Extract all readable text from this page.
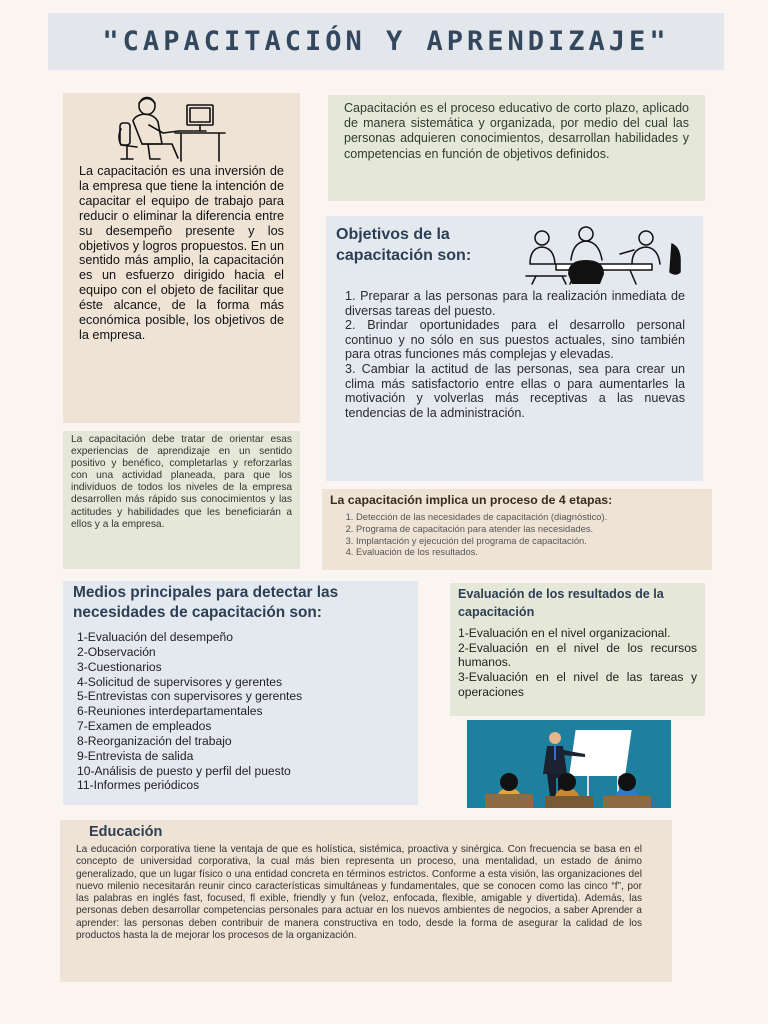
"CAPACITACIÓN Y APRENDIZAJE"
La capacitación es una inversión de la empresa que tiene la intención de capacitar el equipo de trabajo para reducir o eliminar la diferencia entre su desempeño presente y los objetivos y logros propuestos. En un sentido más amplio, la capacitación es un esfuerzo dirigido hacia el equipo con el objeto de facilitar que éste alcance, de la forma más económica posible, los objetivos de la empresa.
Capacitación es el proceso educativo de corto plazo, aplicado de manera sistemática y organizada, por medio del cual las personas adquieren conocimientos, desarrollan habilidades y competencias en función de objetivos definidos.
Objetivos de la capacitación son:

1. Preparar a las personas para la realización inmediata de diversas tareas del puesto.

2. Brindar oportunidades para el desarrollo personal continuo y no sólo en sus puestos actuales, sino también para otras funciones más complejas y elevadas.

3. Cambiar la actitud de las personas, sea para crear un clima más satisfactorio entre ellas o para aumentarles la motivación y volverlas más receptivas a las nuevas tendencias de la administración.

La capacitación debe tratar de orientar esas experiencias de aprendizaje en un sentido positivo y benéfico, completarlas y reforzarlas con una actividad planeada, para que los individuos de todos los niveles de la empresa desarrollen más rápido sus conocimientos y las actitudes y habilidades que les beneficiarán a ellos y a la empresa.
La capacitación implica un proceso de 4 etapas:
1. Detección de las necesidades de capacitación (diagnóstico).
2. Programa de capacitación para atender las necesidades.
3. Implantación y ejecución del programa de capacitación.
4. Evaluación de los resultados.
Medios principales para detectar las necesidades de capacitación son:
1-Evaluación del desempeño
2-Observación
3-Cuestionarios
4-Solicitud de supervisores y gerentes
5-Entrevistas con supervisores y gerentes
6-Reuniones interdepartamentales
7-Examen de empleados
8-Reorganización del trabajo
9-Entrevista de salida
10-Análisis de puesto y perfil del puesto
11-Informes periódicos
Evaluación de los resultados de la capacitación

1-Evaluación en el nivel organizacional.

2-Evaluación en el nivel de los recursos humanos.

3-Evaluación en el nivel de las tareas y operaciones

Educación
La educación corporativa tiene la ventaja de que es holística, sistémica, proactiva y sinérgica. Con frecuencia se basa en el concepto de universidad corporativa, la cual más bien representa un proceso, una mentalidad, un estado de ánimo generalizado, que un lugar físico o una entidad concreta en términos estrictos. Conforme a esta visión, las organizaciones del nuevo milenio necesitarán reunir cinco características simultáneas y fundamentales, que se conocen como las cinco “f”, por las palabras en inglés fast, focused, fl exible, friendly y fun (veloz, enfocada, flexible, amigable y divertida). Además, las personas deben desarrollar competencias personales para actuar en los nuevos ambientes de negocios, a saber Aprender a aprender: las personas deben contribuir de manera constructiva en todo, desde la forma de asegurar la calidad de los productos hasta la de mejorar los procesos de la organización.
